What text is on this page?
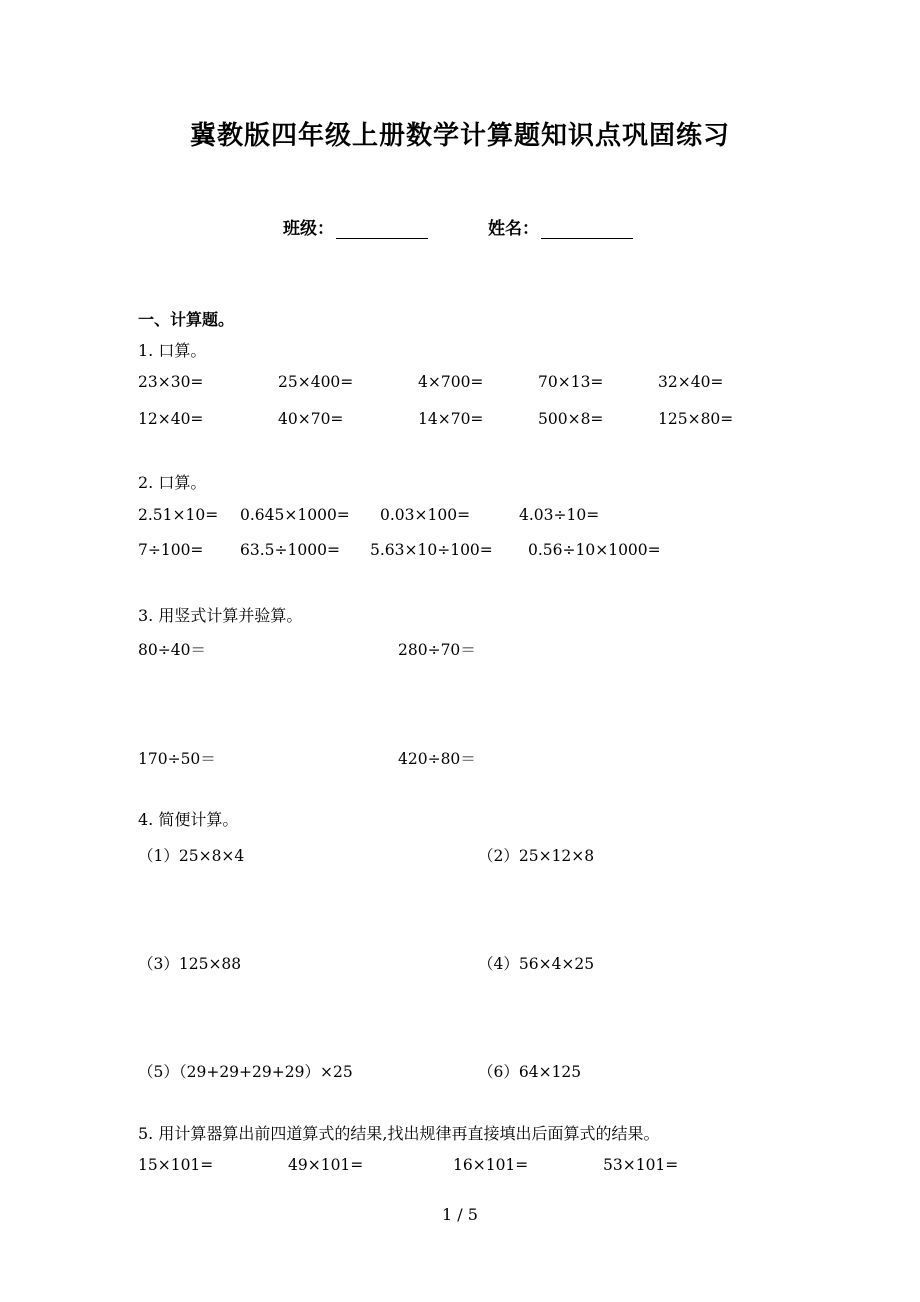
冀教版四年级上册数学计算题知识点巩固练习
班级：	姓名：
一、计算题。
1. 口算。
23×30=	25×400=	4×700=	70×13=	32×40=
12×40=	40×70=	14×70=	500×8=	125×80=
2. 口算。
2.51×10= 0.645×1000= 0.03×100=	4.03÷10=
7÷100= 63.5÷1000= 5.63×10÷100= 0.56÷10×1000=
3. 用竖式计算并验算。
80÷40＝	280÷70＝
170÷50＝	420÷80＝
4. 简便计算。
（1）25×8×4	（2）25×12×8
（3）125×88	（4）56×4×25
（5）（29+29+29+29）×25	（6）64×125
5. 用计算器算出前四道算式的结果,找出规律再直接填出后面算式的结果。
15×101=	49×101=	16×101=	53×101=
1 / 5
